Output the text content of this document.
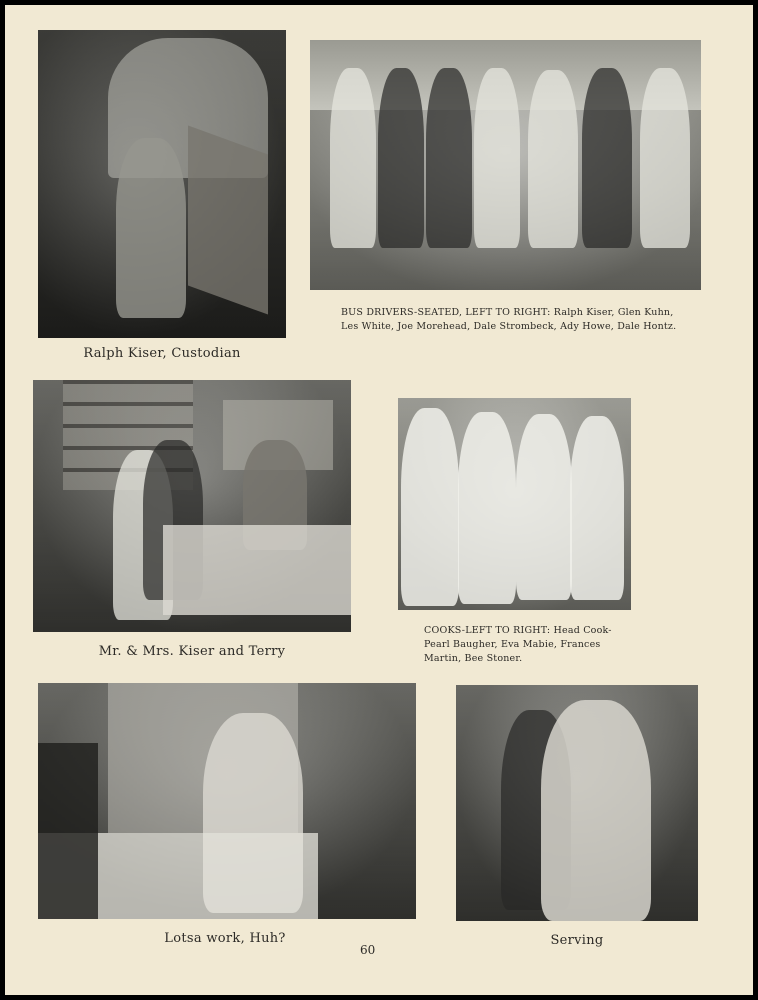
Ralph Kiser, Custodian
BUS DRIVERS-SEATED, LEFT TO RIGHT: Ralph Kiser, Glen Kuhn, Les White, Joe Morehead, Dale Strombeck, Ady Howe, Dale Hontz.
Mr. & Mrs. Kiser and Terry
COOKS-LEFT TO RIGHT: Head Cook-Pearl Baugher, Eva Mabie, Frances Martin, Bee Stoner.
Lotsa work, Huh?	Serving
60
